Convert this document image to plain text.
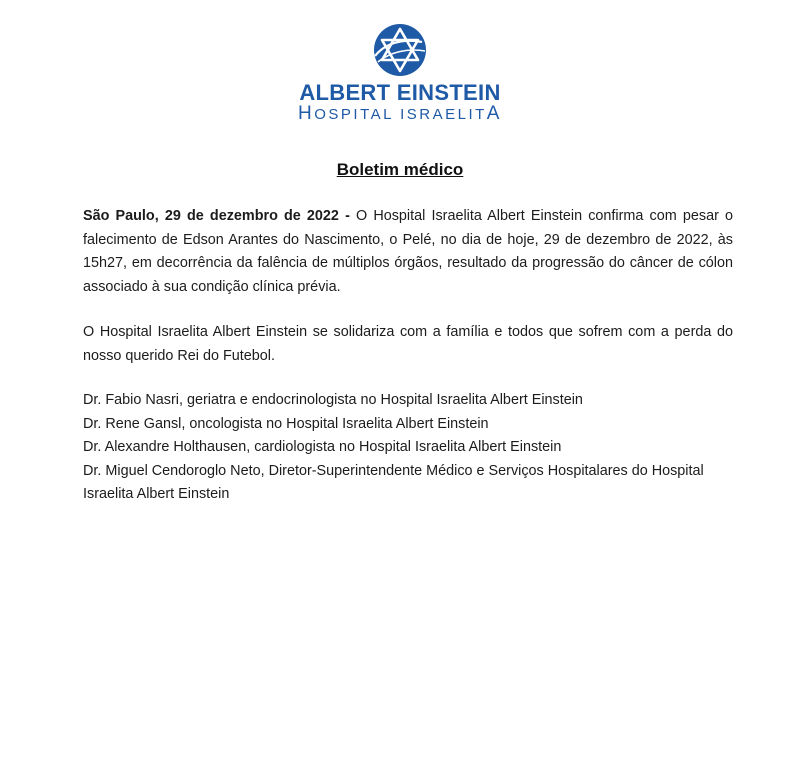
ALBERT EINSTEIN
HOSPITAL ISRAELITA
Boletim médico

São Paulo, 29 de dezembro de 2022 - O Hospital Israelita Albert Einstein confirma com pesar o falecimento de Edson Arantes do Nascimento, o Pelé, no dia de hoje, 29 de dezembro de 2022, às 15h27, em decorrência da falência de múltiplos órgãos, resultado da progressão do câncer de cólon associado à sua condição clínica prévia.

O Hospital Israelita Albert Einstein se solidariza com a família e todos que sofrem com a perda do nosso querido Rei do Futebol.

Dr. Fabio Nasri, geriatra e endocrinologista no Hospital Israelita Albert Einstein
Dr. Rene Gansl, oncologista no Hospital Israelita Albert Einstein
Dr. Alexandre Holthausen, cardiologista no Hospital Israelita Albert Einstein
Dr. Miguel Cendoroglo Neto, Diretor-Superintendente Médico e Serviços Hospitalares do Hospital Israelita Albert Einstein
